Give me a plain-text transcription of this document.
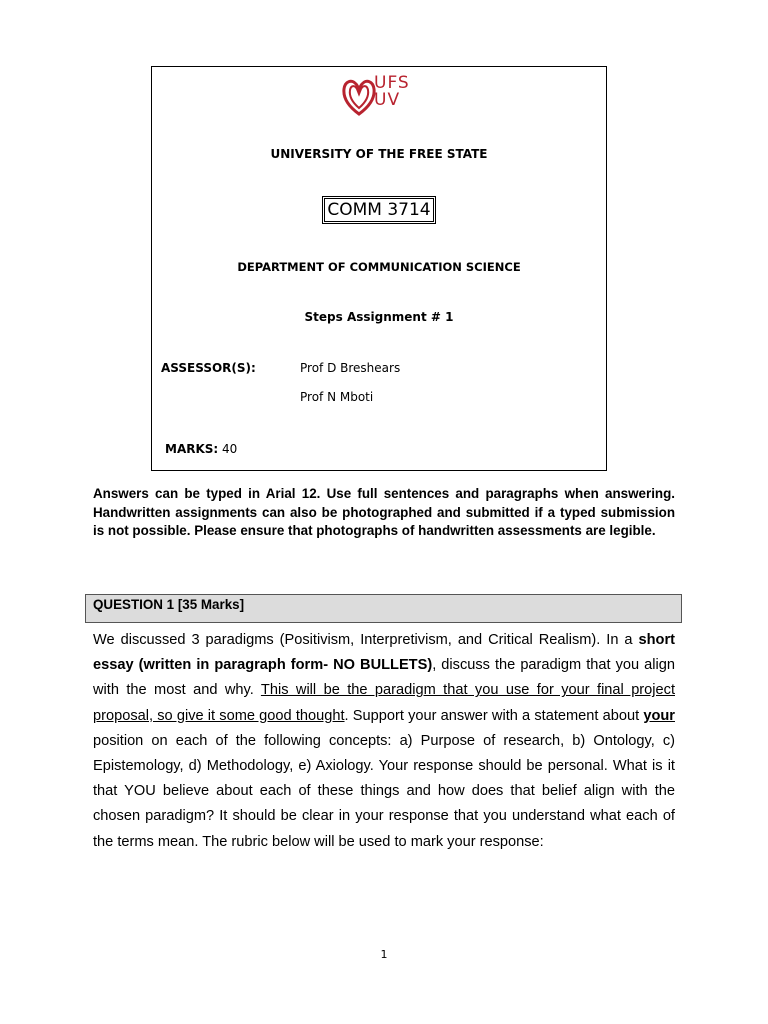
UFS
UV
UNIVERSITY OF THE FREE STATE
COMM 3714
DEPARTMENT OF COMMUNICATION SCIENCE
Steps Assignment # 1
ASSESSOR(S):	Prof D Breshears
Prof N Mboti
MARKS: 40

Answers can be typed in Arial 12. Use full sentences and paragraphs when answering. Handwritten assignments can also be photographed and submitted if a typed submission is not possible. Please ensure that photographs of handwritten assessments are legible.

QUESTION 1 [35 Marks]

We discussed 3 paradigms (Positivism, Interpretivism, and Critical Realism). In a short essay (written in paragraph form- NO BULLETS), discuss the paradigm that you align with the most and why. This will be the paradigm that you use for your final project proposal, so give it some good thought. Support your answer with a statement about your position on each of the following concepts: a) Purpose of research, b) Ontology, c) Epistemology, d) Methodology, e) Axiology. Your response should be personal. What is it that YOU believe about each of these things and how does that belief align with the chosen paradigm? It should be clear in your response that you understand what each of the terms mean. The rubric below will be used to mark your response:

1
